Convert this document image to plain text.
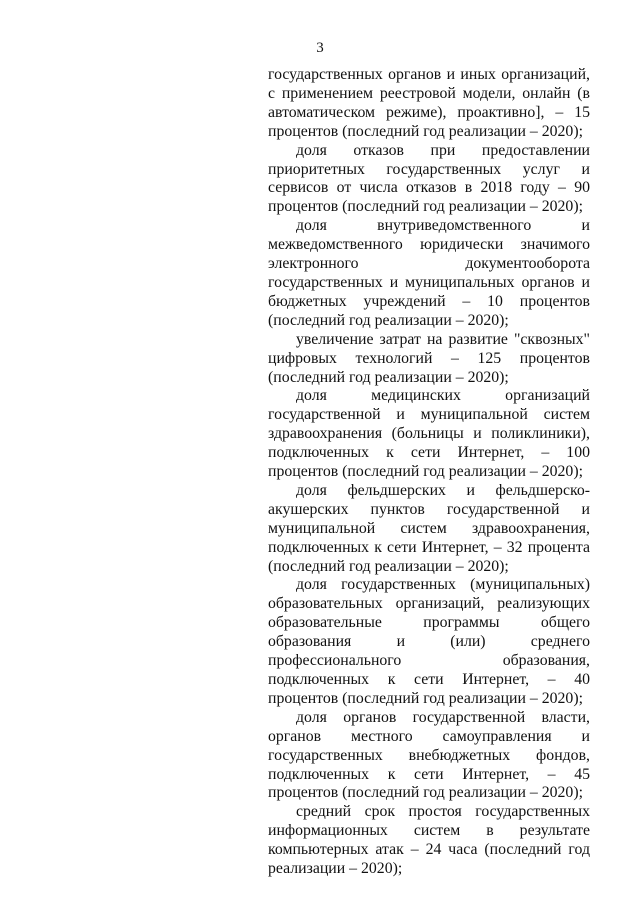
3

государственных органов и иных организаций, с применением реестровой модели, онлайн (в автоматическом режиме), проактивно], – 15 процентов (последний год реализации – 2020);

доля отказов при предоставлении приоритетных государственных услуг и сервисов от числа отказов в 2018 году – 90 процентов (последний год реализации – 2020);

доля внутриведомственного и межведомственного юридически значимого электронного документооборота государственных и муниципальных органов и бюджетных учреждений – 10 процентов (последний год реализации – 2020);

увеличение затрат на развитие "сквозных" цифровых технологий – 125 процентов (последний год реализации – 2020);

доля медицинских организаций государственной и муниципальной систем здравоохранения (больницы и поликлиники), подключенных к сети Интернет, – 100 процентов (последний год реализации – 2020);

доля фельдшерских и фельдшерско-акушерских пунктов государственной и муниципальной систем здравоохранения, подключенных к сети Интернет, – 32 процента (последний год реализации – 2020);

доля государственных (муниципальных) образовательных организаций, реализующих образовательные программы общего образования и (или) среднего профессионального образования, подключенных к сети Интернет, – 40 процентов (последний год реализации – 2020);

доля органов государственной власти, органов местного самоуправления и государственных внебюджетных фондов, подключенных к сети Интернет, – 45 процентов (последний год реализации – 2020);

средний срок простоя государственных информационных систем в результате компьютерных атак – 24 часа (последний год реализации – 2020);
